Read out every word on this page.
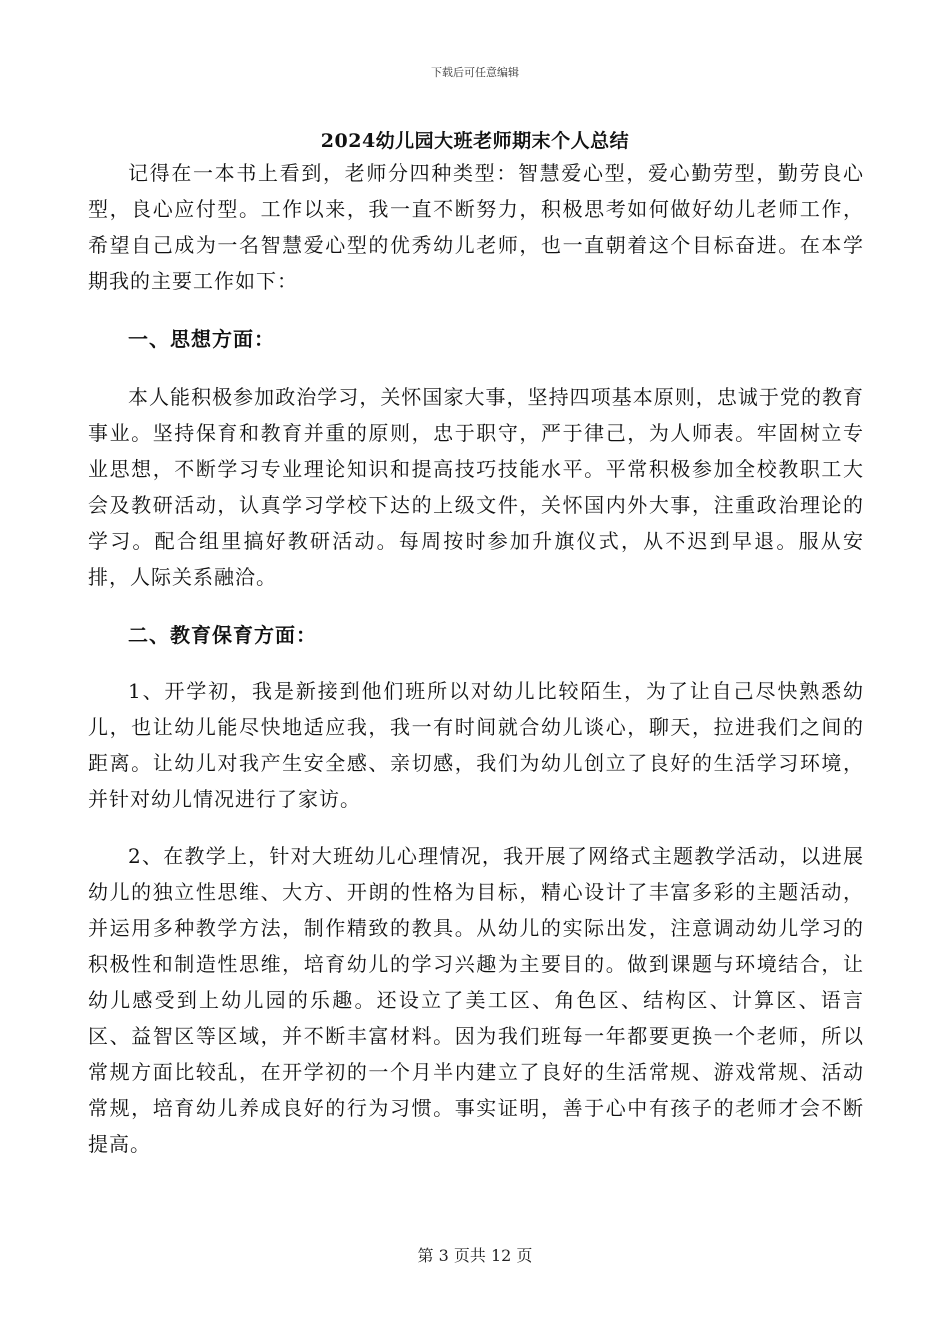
下载后可任意编辑
2024幼儿园大班老师期末个人总结

记得在一本书上看到，老师分四种类型：智慧爱心型，爱心勤劳型，勤劳良心型，良心应付型。工作以来，我一直不断努力，积极思考如何做好幼儿老师工作，希望自己成为一名智慧爱心型的优秀幼儿老师，也一直朝着这个目标奋进。在本学期我的主要工作如下：

一、思想方面：

本人能积极参加政治学习，关怀国家大事，坚持四项基本原则，忠诚于党的教育事业。坚持保育和教育并重的原则，忠于职守，严于律己，为人师表。牢固树立专业思想，不断学习专业理论知识和提高技巧技能水平。平常积极参加全校教职工大会及教研活动，认真学习学校下达的上级文件，关怀国内外大事，注重政治理论的学习。配合组里搞好教研活动。每周按时参加升旗仪式，从不迟到早退。服从安排，人际关系融洽。

二、教育保育方面：

1、开学初，我是新接到他们班所以对幼儿比较陌生，为了让自己尽快熟悉幼儿，也让幼儿能尽快地适应我，我一有时间就合幼儿谈心，聊天，拉进我们之间的距离。让幼儿对我产生安全感、亲切感，我们为幼儿创立了良好的生活学习环境，并针对幼儿情况进行了家访。

2、在教学上，针对大班幼儿心理情况，我开展了网络式主题教学活动，以进展幼儿的独立性思维、大方、开朗的性格为目标，精心设计了丰富多彩的主题活动，并运用多种教学方法，制作精致的教具。从幼儿的实际出发，注意调动幼儿学习的积极性和制造性思维，培育幼儿的学习兴趣为主要目的。做到课题与环境结合，让幼儿感受到上幼儿园的乐趣。还设立了美工区、角色区、结构区、计算区、语言区、益智区等区域，并不断丰富材料。因为我们班每一年都要更换一个老师，所以常规方面比较乱，在开学初的一个月半内建立了良好的生活常规、游戏常规、活动常规，培育幼儿养成良好的行为习惯。事实证明，善于心中有孩子的老师才会不断提高。

第 3 页共 12 页
